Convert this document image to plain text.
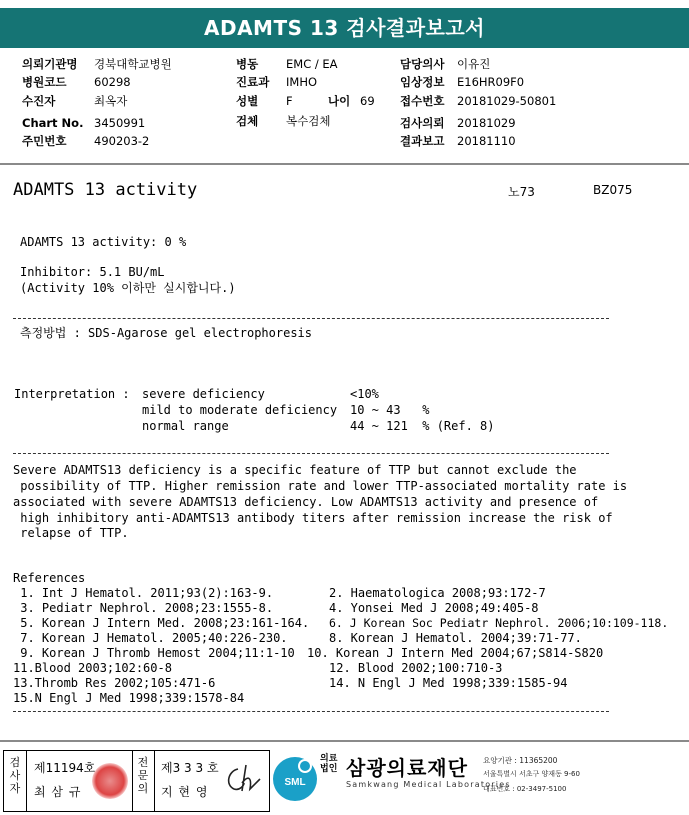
ADAMTS 13 검사결과보고서
의뢰기관명 경북대학교병원
병원코드 60298
수진자	최옥자
Chart No. 3450991
주민번호 490203-2
병동 EMC / EA
진료과 IMHO
성별 F	나이 69
검체 복수검체
담당의사 이유진
임상정보 E16HR09F0
접수번호 20181029-50801
검사의뢰 20181029
결과보고 20181110
ADAMTS 13 activity	노73	BZ075
ADAMTS 13 activity: 0 %
Inhibitor: 5.1 BU/mL
(Activity 10% 이하만 실시합니다.)
측정방법 : SDS-Agarose gel electrophoresis
Interpretation : severe deficiency	<10%
mild to moderate deficiency 10 ~ 43   %
normal range	44 ~ 121  % (Ref. 8)
Severe ADAMTS13 deficiency is a specific feature of TTP but cannot exclude the
possibility of TTP. Higher remission rate and lower TTP-associated mortality rate is
associated with severe ADAMTS13 deficiency. Low ADAMTS13 activity and presence of
high inhibitory anti-ADAMTS13 antibody titers after remission increase the risk of
relapse of TTP.
References
1. Int J Hematol. 2011;93(2):163-9.	2. Haematologica 2008;93:172-7
3. Pediatr Nephrol. 2008;23:1555-8.	4. Yonsei Med J 2008;49:405-8
5. Korean J Intern Med. 2008;23:161-164. 6. J Korean Soc Pediatr Nephrol. 2006;10:109-118.
7. Korean J Hematol. 2005;40:226-230.	8. Korean J Hematol. 2004;39:71-77.
9. Korean J Thromb Hemost 2004;11:1-10 10. Korean J Intern Med 2004;67;S814-S820
11.Blood 2003;102:60-8	12. Blood 2002;100:710-3
13.Thromb Res 2002;105:471-6	14. N Engl J Med 1998;339:1585-94
15.N Engl J Med 1998;339:1578-84
검
사
자
제11194호
최 삼 규
전
문
의
제3 3 3 호
지 현 영
SML
의료
법인 삼광의료재단
Samkwang Medical Laboratories
요양기관 : 11365200
서울특별시 서초구 양재동 9-60
대표번호 : 02-3497-5100
